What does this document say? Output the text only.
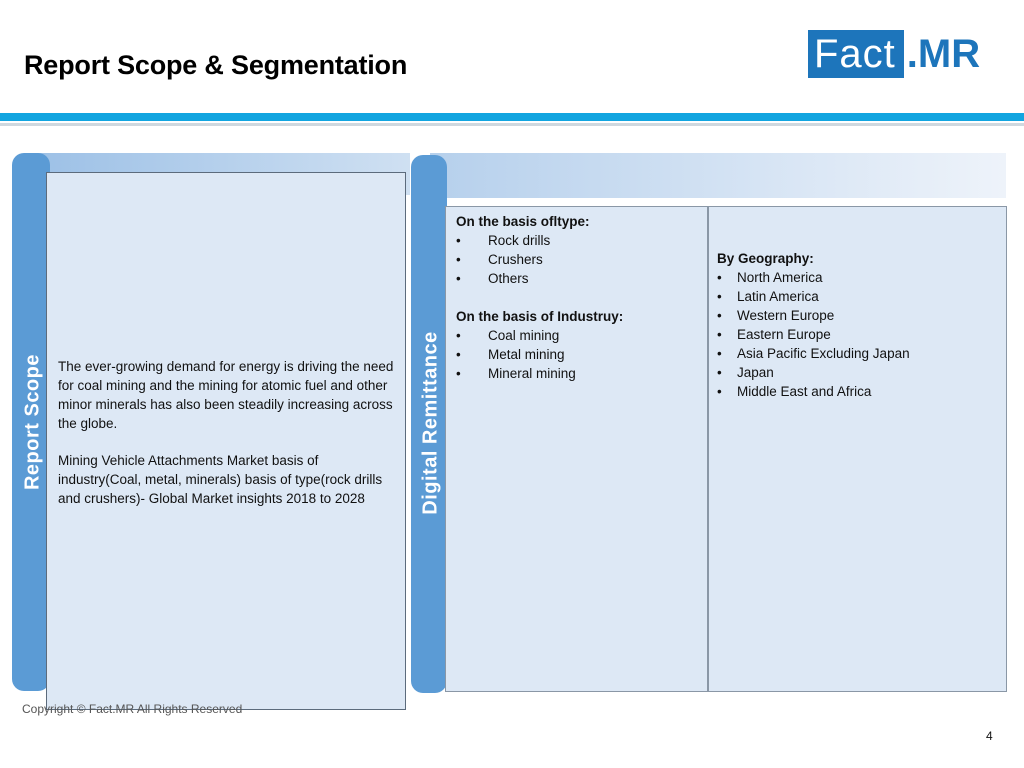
Report Scope & Segmentation	Fact .MR
Report Scope The ever-growing demand for energy is driving the need for coal mining and the mining for atomic fuel and other minor minerals has also been steadily increasing across the globe.

Mining Vehicle Attachments Market basis of industry(Coal, metal, minerals) basis of type(rock drills and crushers)- Global Market insights 2018 to 2028	Digital Remittance
On the basis ofltype:
•	Rock drills
•	Crushers
•	Others
On the basis of Industruy:
•	Coal mining
•	Metal mining
•	Mineral mining
By Geography:
•	North America
•	Latin America
•	Western Europe
•	Eastern Europe
•	Asia Pacific Excluding Japan
•	Japan
•	Middle East and Africa
Copyright © Fact.MR All Rights Reserved
4
